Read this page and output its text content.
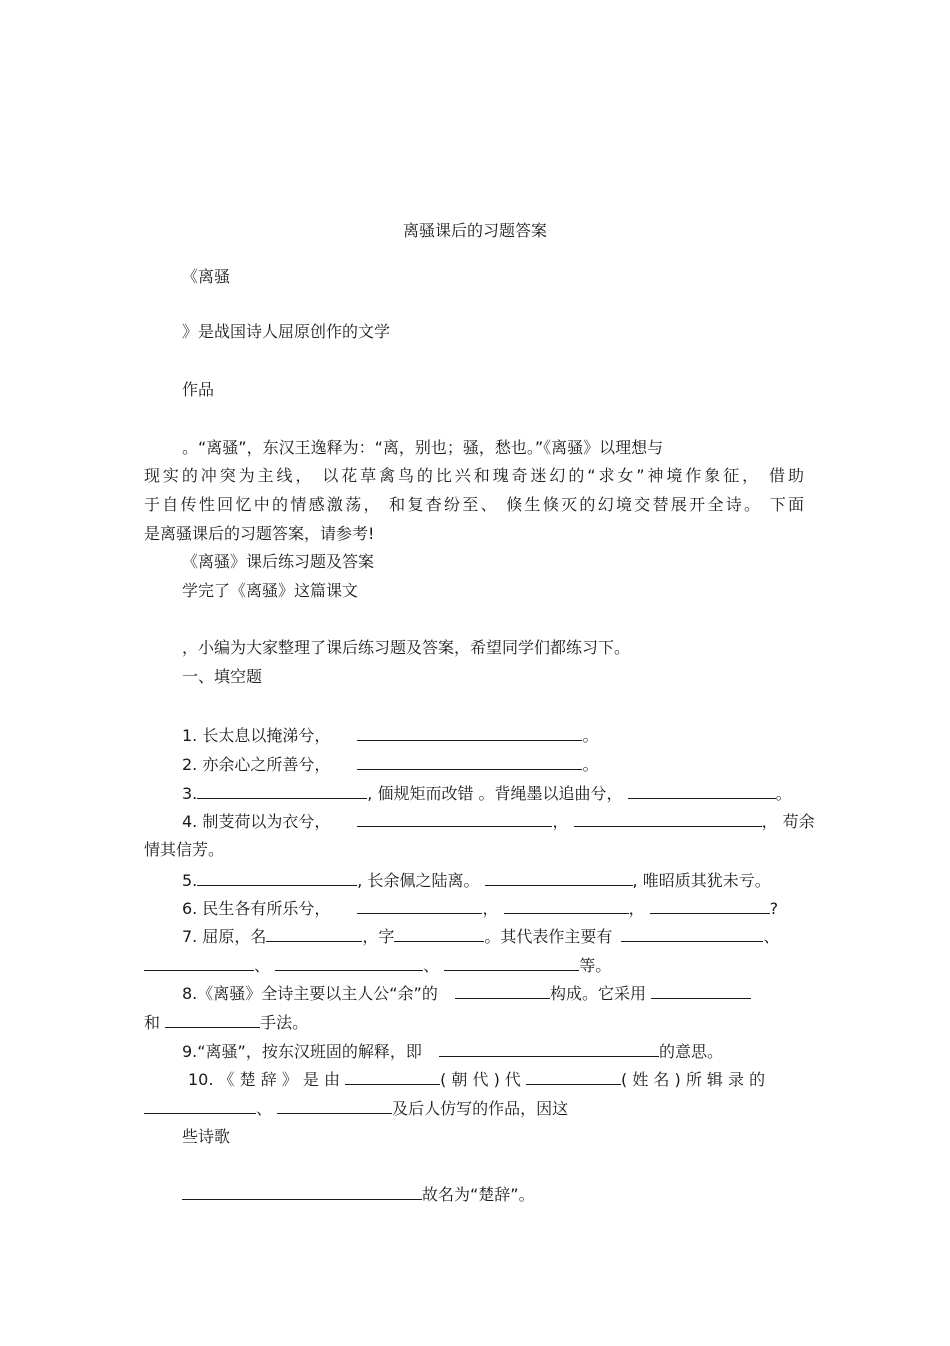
离骚课后的习题答案
《离骚
》是战国诗人屈原创作的文学
作品
。“离骚”，东汉王逸释为：“离，别也；骚，愁也。”《离骚》以理想与
现实的冲突为主线， 以花草禽鸟的比兴和瑰奇迷幻的“求女”神境作象征， 借助
于自传性回忆中的情感激荡， 和复杳纷至、 倏生倏灭的幻境交替展开全诗。 下面
是离骚课后的习题答案，请参考!
《离骚》课后练习题及答案
学完了《离骚》这篇课文
，小编为大家整理了课后练习题及答案，希望同学们都练习下。
一、填空题
1. 长太息以掩涕兮，	。
2. 亦余心之所善兮，	。
3.	, 偭规矩而改错 。背绳墨以追曲兮，	。
4. 制芰荷以为衣兮，	，	， 苟余
情其信芳。
5.	, 长余佩之陆离。	, 唯昭质其犹未亏。
6. 民生各有所乐兮，	，	，	?
7. 屈原，名	，字	。其代表作主要有	、
、	、	等。
8.《离骚》全诗主要以主人公“余”的	构成。它采用
和	手法。
9.“离骚”，按东汉班固的解释，即	的意思。
10. 《 楚 辞 》 是 由	( 朝 代 ) 代	( 姓 名 ) 所 辑 录 的
、	及后人仿写的作品，因这
些诗歌
故名为“楚辞”。
